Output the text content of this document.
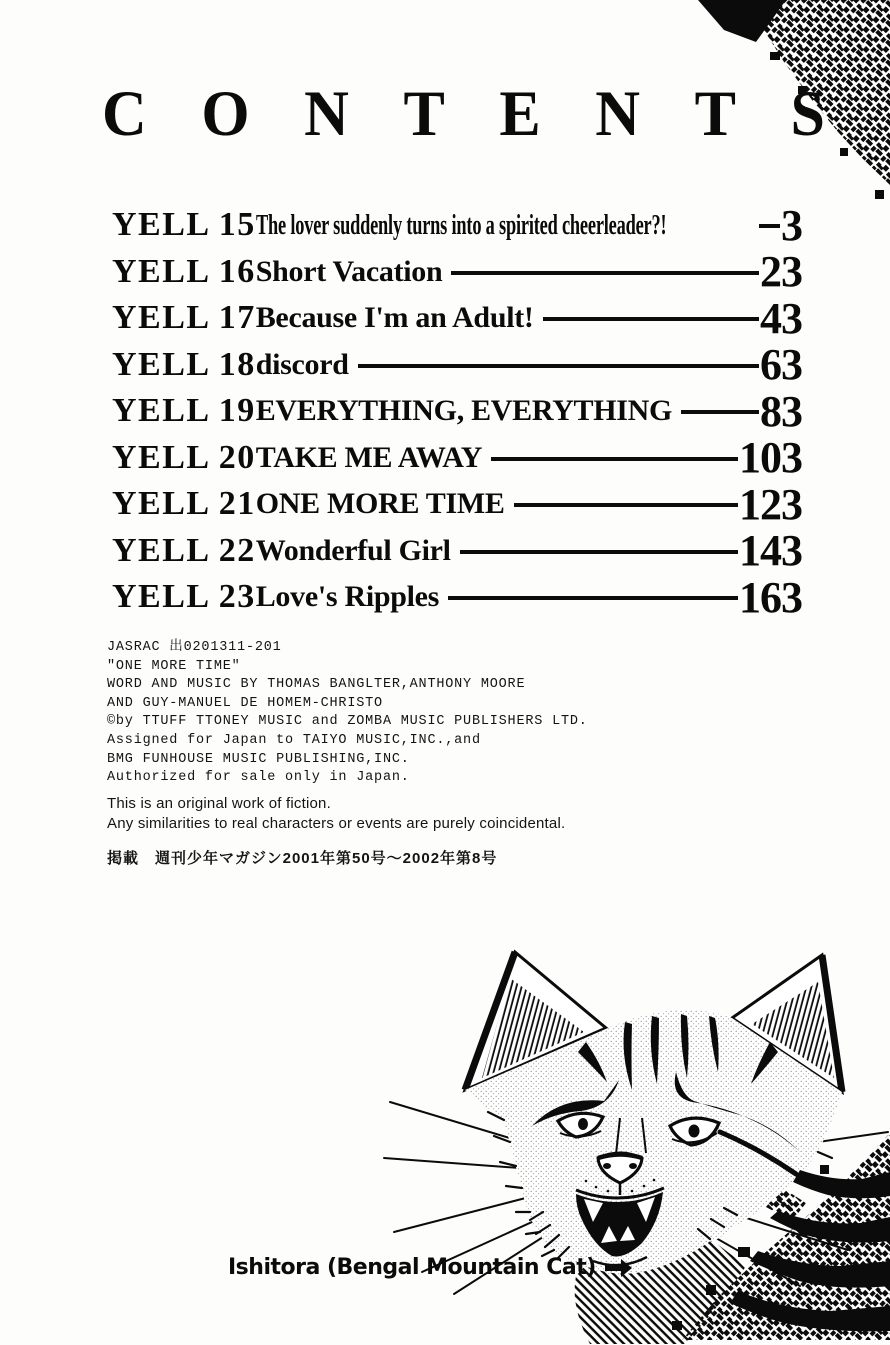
CONTENTS
YELL 15 The lover suddenly turns into a spirited cheerleader?!	3
YELL 16 Short Vacation	23
YELL 17 Because I'm an Adult!	43
YELL 18 discord	63
YELL 19 EVERYTHING, EVERYTHING 83
YELL 20 TAKE ME AWAY	103
YELL 21 ONE MORE TIME	123
YELL 22 Wonderful Girl	143
YELL 23 Love's Ripples	163
JASRAC 出0201311-201
"ONE MORE TIME"
WORD AND MUSIC BY THOMAS BANGLTER,ANTHONY MOORE
AND GUY-MANUEL DE HOMEM-CHRISTO
©by TTUFF TTONEY MUSIC and ZOMBA MUSIC PUBLISHERS LTD.
Assigned for Japan to TAIYO MUSIC,INC.,and
BMG FUNHOUSE MUSIC PUBLISHING,INC.
Authorized for sale only in Japan.
This is an original work of fiction.
Any similarities to real characters or events are purely coincidental.
掲載　週刊少年マガジン2001年第50号～2002年第8号
Ishitora (Bengal Mountain Cat)
